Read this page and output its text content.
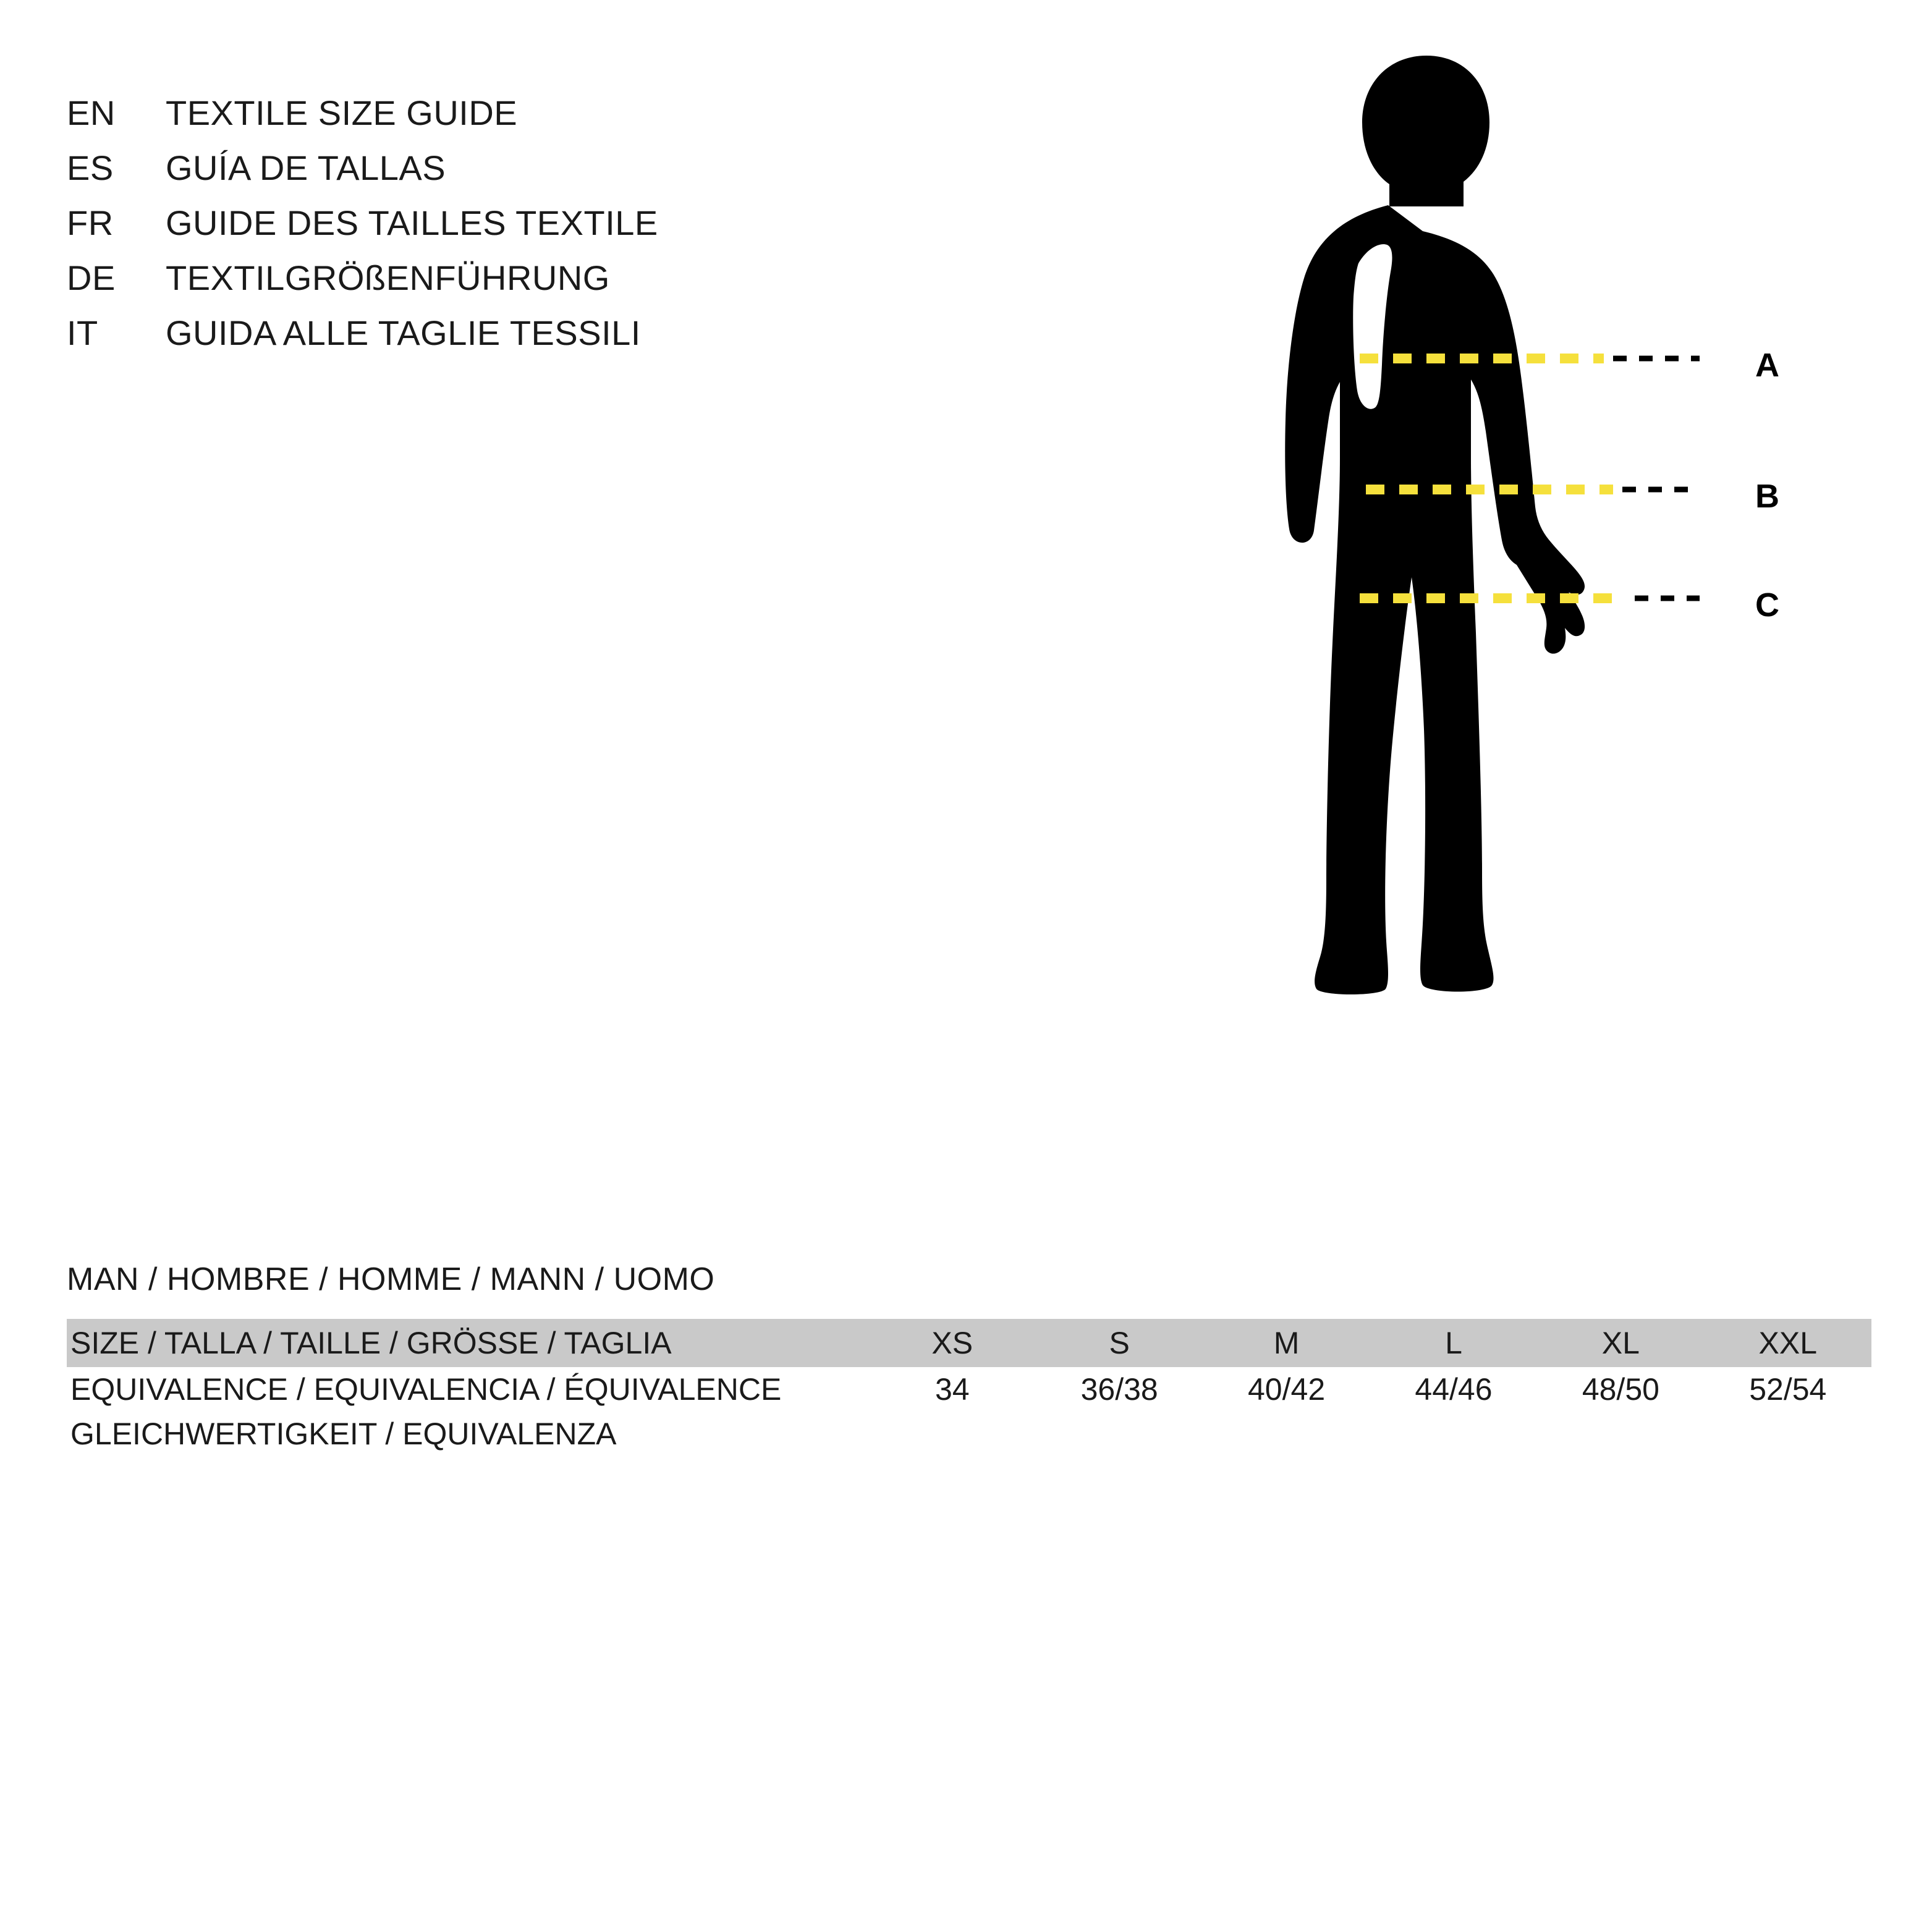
EN	TEXTILE SIZE GUIDE
ES	GUÍA DE TALLAS
FR	GUIDE DES TAILLES TEXTILE
DE	TEXTILGRÖßENFÜHRUNG
IT	GUIDA ALLE TAGLIE TESSILI
A
B
C
MAN / HOMBRE / HOMME / MANN / UOMO
SIZE / TALLA / TAILLE / GRÖSSE / TAGLIA	XS	S	M	L	XL	XXL
EQUIVALENCE / EQUIVALENCIA / ÉQUIVALENCE	34	36/38	40/42	44/46	48/50	52/54
GLEICHWERTIGKEIT / EQUIVALENZA
